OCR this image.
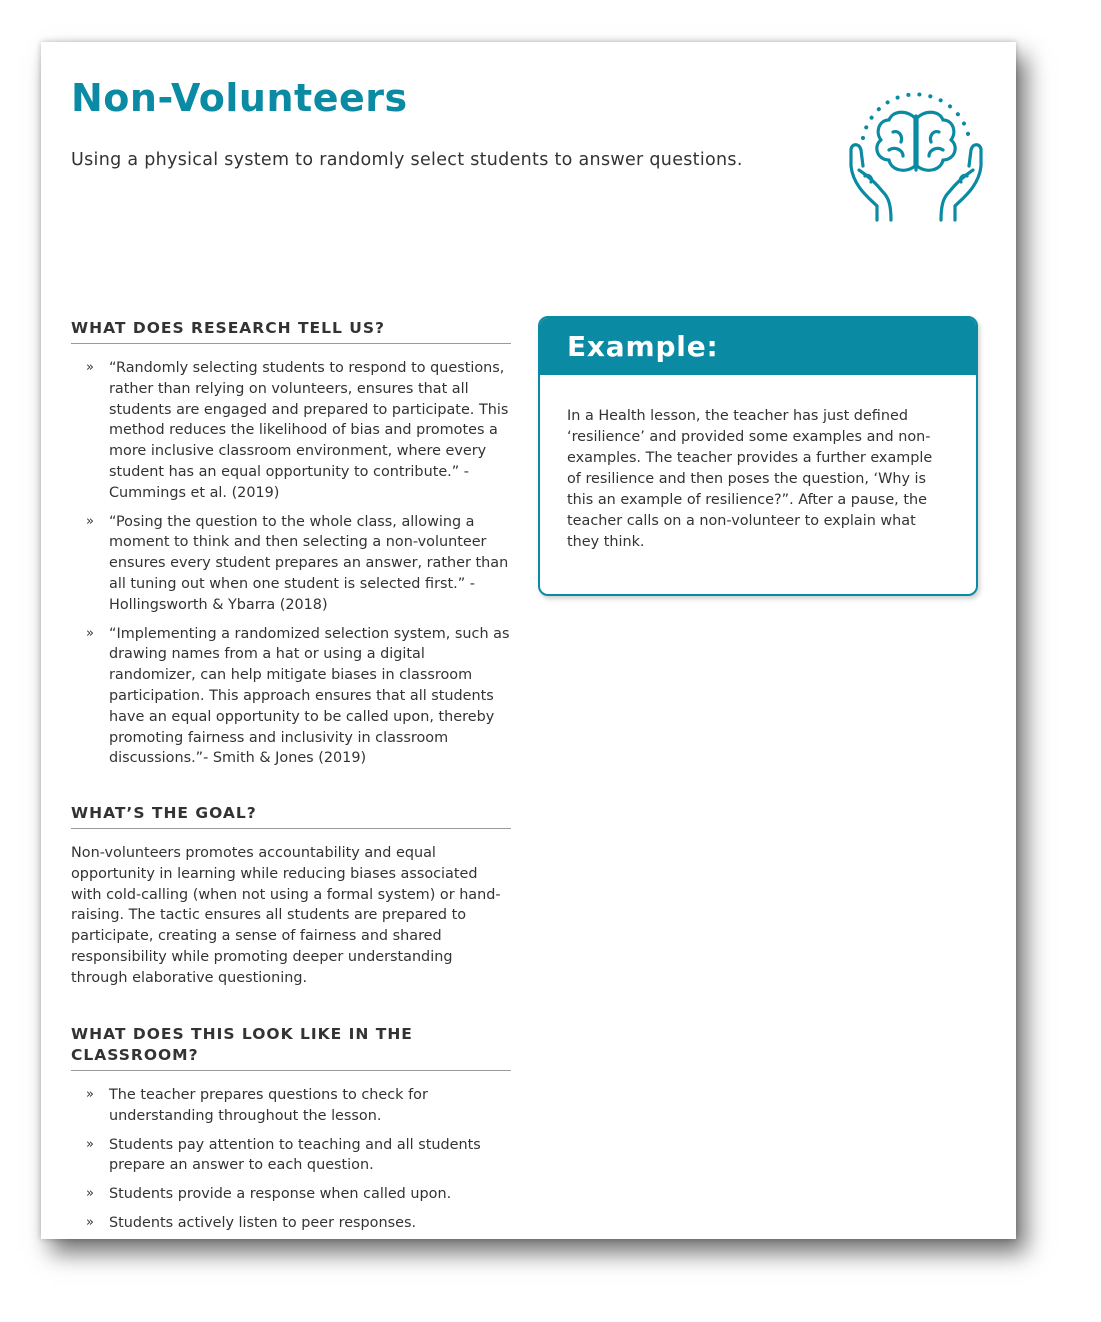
Non-Volunteers

Using a physical system to randomly select students to answer questions.

WHAT DOES RESEARCH TELL US?
» “Randomly selecting students to respond to questions, rather than relying on volunteers, ensures that all students are engaged and prepared to participate. This method reduces the likelihood of bias and promotes a more inclusive classroom environment, where every student has an equal opportunity to contribute.” - Cummings et al. (2019)
» “Posing the question to the whole class, allowing a moment to think and then selecting a non-volunteer ensures every student prepares an answer, rather than all tuning out when one student is selected first.” - Hollingsworth & Ybarra (2018)
» “Implementing a randomized selection system, such as drawing names from a hat or using a digital randomizer, can help mitigate biases in classroom participation. This approach ensures that all students have an equal opportunity to be called upon, thereby promoting fairness and inclusivity in classroom discussions.”- Smith & Jones (2019)
WHAT’S THE GOAL?

Non-volunteers promotes accountability and equal opportunity in learning while reducing biases associated with cold-calling (when not using a formal system) or hand-raising. The tactic ensures all students are prepared to participate, creating a sense of fairness and shared responsibility while promoting deeper understanding through elaborative questioning.

WHAT DOES THIS LOOK LIKE IN THE CLASSROOM?
» The teacher prepares questions to check for understanding throughout the lesson.
» Students pay attention to teaching and all students prepare an answer to each question.
» Students provide a response when called upon.
» Students actively listen to peer responses.
Example:
In a Health lesson, the teacher has just defined ‘resilience’ and provided some examples and non-examples. The teacher provides a further example of resilience and then poses the question, ‘Why is this an example of resilience?”. After a pause, the teacher calls on a non-volunteer to explain what they think.
